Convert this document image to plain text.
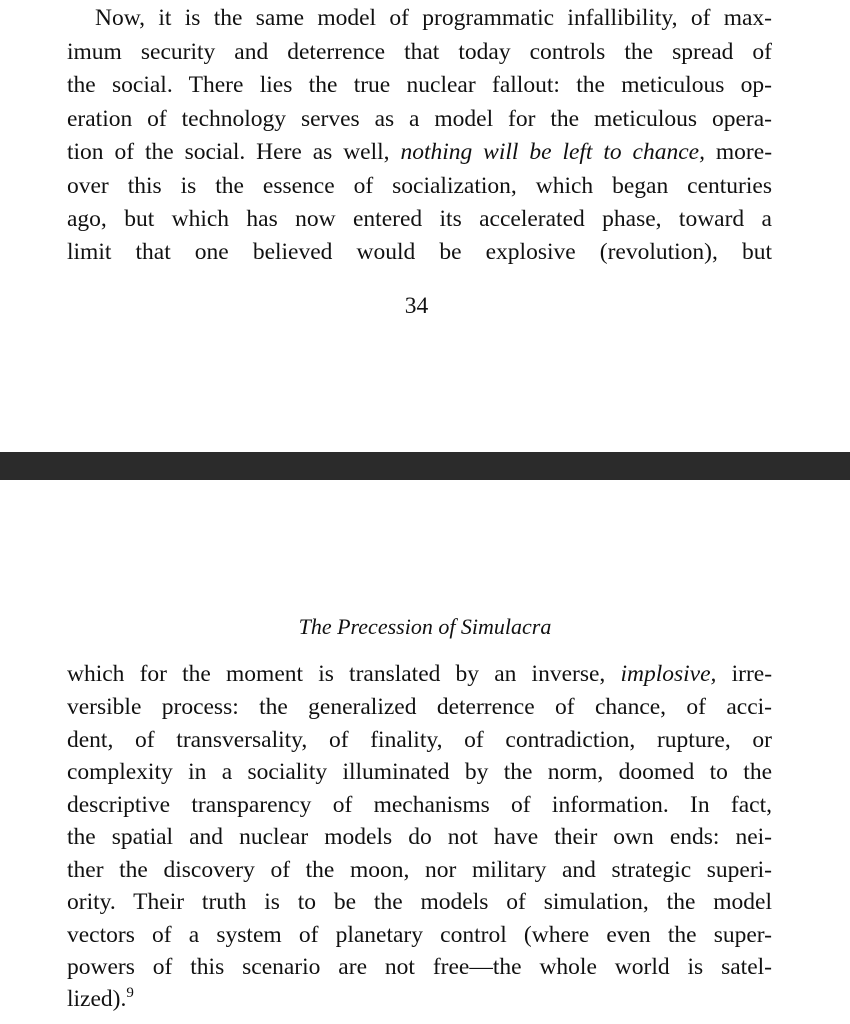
Now, it is the same model of programmatic infallibility, of max-
imum security and deterrence that today controls the spread of
the social. There lies the true nuclear fallout: the meticulous op-
eration of technology serves as a model for the meticulous opera-
tion of the social. Here as well, nothing will be left to chance, more-
over this is the essence of socialization, which began centuries
ago, but which has now entered its accelerated phase, toward a
limit that one believed would be explosive (revolution), but
34
The Precession of Simulacra
which for the moment is translated by an inverse, implosive, irre-
versible process: the generalized deterrence of chance, of acci-
dent, of transversality, of finality, of contradiction, rupture, or
complexity in a sociality illuminated by the norm, doomed to the
descriptive transparency of mechanisms of information. In fact,
the spatial and nuclear models do not have their own ends: nei-
ther the discovery of the moon, nor military and strategic superi-
ority. Their truth is to be the models of simulation, the model
vectors of a system of planetary control (where even the super-
powers of this scenario are not free—the whole world is satel-
lized).$^9$
